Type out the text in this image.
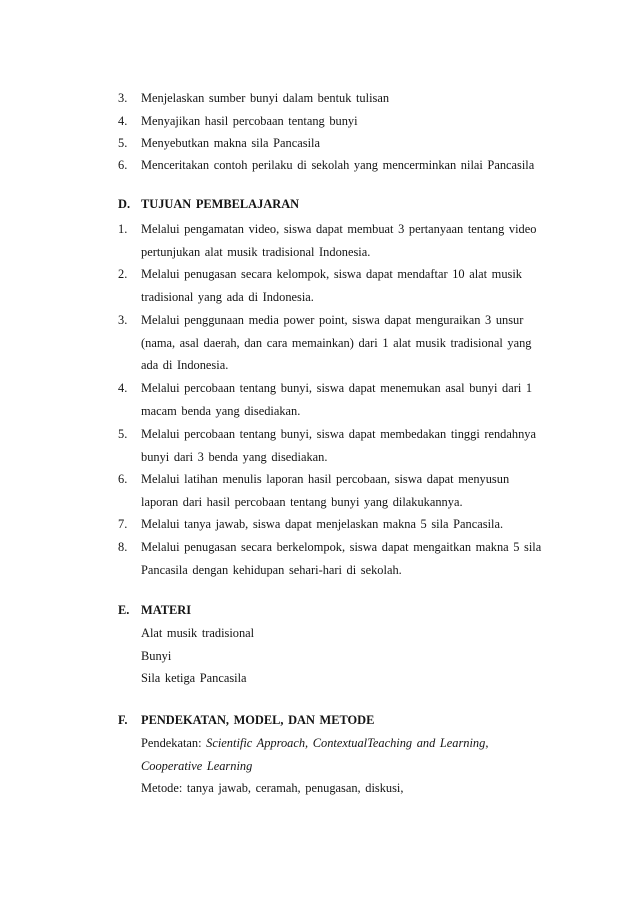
3. Menjelaskan sumber bunyi dalam bentuk tulisan
4. Menyajikan hasil percobaan tentang bunyi
5. Menyebutkan makna sila Pancasila
6. Menceritakan contoh perilaku di sekolah yang mencerminkan nilai Pancasila
D. TUJUAN PEMBELAJARAN
1. Melalui pengamatan video, siswa dapat membuat 3 pertanyaan tentang video
pertunjukan alat musik tradisional Indonesia.
2. Melalui penugasan secara kelompok, siswa dapat mendaftar 10 alat musik
tradisional yang ada di Indonesia.
3. Melalui penggunaan media power point, siswa dapat menguraikan 3 unsur
(nama, asal daerah, dan cara memainkan) dari 1 alat musik tradisional yang
ada di Indonesia.
4. Melalui percobaan tentang bunyi, siswa dapat menemukan asal bunyi dari 1
macam benda yang disediakan.
5. Melalui percobaan tentang bunyi, siswa dapat membedakan tinggi rendahnya
bunyi dari 3 benda yang disediakan.
6. Melalui latihan menulis laporan hasil percobaan, siswa dapat menyusun
laporan dari hasil percobaan tentang bunyi yang dilakukannya.
7. Melalui tanya jawab, siswa dapat menjelaskan makna 5 sila Pancasila.
8. Melalui penugasan secara berkelompok, siswa dapat mengaitkan makna 5 sila
Pancasila dengan kehidupan sehari-hari di sekolah.
E. MATERI
Alat musik tradisional
Bunyi
Sila ketiga Pancasila
F. PENDEKATAN, MODEL, DAN METODE
Pendekatan: Scientific Approach, ContextualTeaching and Learning,
Cooperative Learning
Metode: tanya jawab, ceramah, penugasan, diskusi,
